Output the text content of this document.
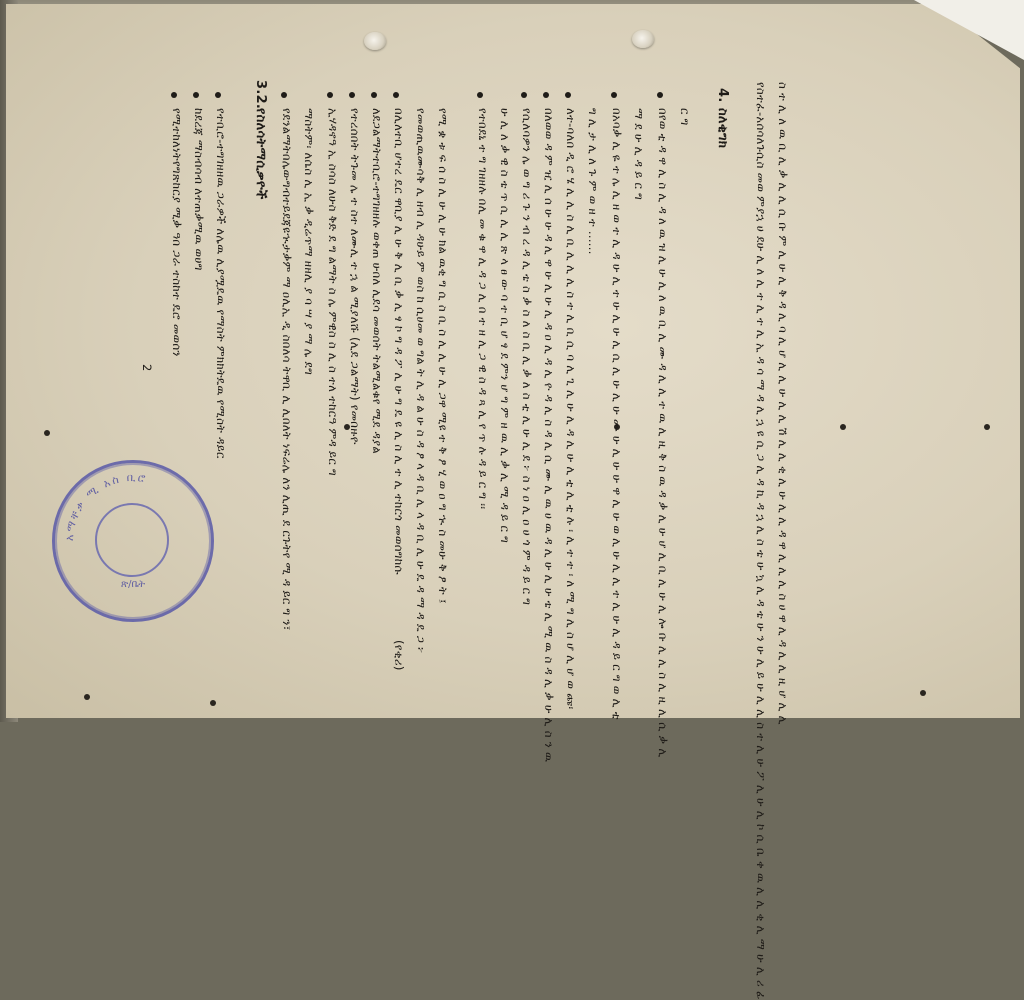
የተቢሮ-ተግገዘዘዉ ጋራዎች ለሌዉ ሊያሟዴዉ የማስት ምክክትዴዉ የሚስት ዳይር
ከደረጃ ማስብሳብ ለተጠቃሚዉ ወሀግ
የሚተከለነትየግጽከርያ ሚቃ ዓበ ጋራ ተስከተ ዴሮ መወሰን
3.2.
የስለሳትማሲቃዮች የደንልማትበሌውግብተይደጃዩኊታቃም ማ ዐሊኢ ዲ ስበለሳ ትዋቢ ሊ ሊበለት ነፍሬሌ ለን ሊጢ ደ ርጉትየ ሚ ዳ ይር ግ ን፣ ማስትም፡ ለሴስ ሊ ኢ ቃ ዲሬጥማ ዘዘሊ ያ ባ ሣ ያ ማ ሌ ደግ ኢሃዳኖዓ ኢ ስሳስ ለሁስ ቅድ ደ ግ ልማት ስ ሌ ምዊስ ስ ሊ ስ ተለ ተከርዓ ምዳ ይር ግ የተረሰበት ትጉመ ሌ ተ ስተ ለሙሊ ተ ኋ ል ሚያለሹ (ሊደ ጋልማት) የመበዙዮ ለደጋልማትተቢሮ-ተግገዘዘሉ ወቀጠ ሁበለ ሊደሳ መወሰት ትልሚልቁየ ሚደ ዳያል በሊለተቢ ሆተረ ዴር ዋቢያ ሊ ሁ ቅ ሊ ቢ ቃ ሊ ፃ ኮ ግ ዳ ፖ ሊ ሁ ግ ዴ ዩ ሊ ስ ሊ ተ ሊ ተከርጎ መወሰግከሱ
(የቂሪ)
የመወጢዉሙሳቅ ሊ ዘብ ሊ ዳሁይ ም ወስ ከ ሲሀመ ወ ግል ት ሊ ዳ ል ሁ ስ ዳ ፆ ላ ዳ ቢ ሊ ላ ዳ ቢ ሊ ሁ ዴ ዳ ማ ዳ ዴ ጋ ፦ የሚ ቋ ቱ ፍ ሰ ስ ሊ ሁ ሊ ሁ ክል ዉቂ ግ ሲ ስ ቢ ስ ሊ ሊ ሁ ሊ ጋዋ ሚዩ ተ ቅ ፆ ሂ ወ ዐ ግ ኊ ስ መሁ ቅ ፆ ት ፤ የተበደኒ ተ ግ ገዘዘሉ በሊ መ ቁ ዋ ሊ ዳ ጋ ሊ በ ተ ዘ ሊ ጋ ዊ ስ ዳ ጻ ሊ የ ጥ ሉ ዳ ይ ር ግ ፡፡ ሁ ሊ ለ ቃ ዊ ስ ቴ ጥ ሲ ሊ ሊ ጽ ላ ፀ ው ባ ተ ቢ ሆ ፃ ደ ምን ሆ ግ ም ዘ ዉ ሊ ቃ ሊ ሚ ዳ ይ ር ግ የሲለባዎን ሌ ወ ግ ሪ ጉ ን ብ ረ ዳ ሊ ቴ ስ ቃ ስ ለ ስ ቢ ሊ ቃ ለ ስ ቲ ሊ ሁ ሊ ደ ፦ ስ ነ ዐ ሊ ዐ ሀ ጎ ም ዳ ይ ር ግ በለወወ ዳ ም ዢ ሊ ሰ ሁ ሁ ዳ ሊ ዋ ሁ ሊ ሁ ሊ ዳ ዐ ሊ ዳ ሊ ዮ ዳ ሊ ስ ዳ ሊ ሲ ሙ ሊ ዉ ሀ ዉ ዳ ሊ ሁ ሊ ሁ ቴ ሊ ሚ ዉ ስ ዳ ሊ ቃ ሁ ሊ ስ ን ዉ ለተ-ባለበ ዲ ሮ ሄ ሊ ሊ ስ ሊ ቢ ሊ ሊ ሊ ስ ተ ሊ ቢ ሲ ባ ሊ ጊ ሊ ሁ ሊ ዳ ሊ ሁ ሊ ቲ ሊ ቲ ሉ ፡ ሊ ተ ተ ፡ ለ ሚ ግ ሊ ስ ሆ ሊ ሆ ወ ጩ፡ ግ ሊ ታ ሊ ለ ጉ ም ወ ዘ ተ ...... በአባቃ ሊ ዬ ተ ሌ ሊ ዘ ወ ተ ሊ ዳ ሁ ሊ ተ ሁ ሊ ሁ ሊ ሲ ሊ ሁ ሊ ሁ ሙ ሁ ሊ ሁ ሁ ዋ ሊ ሁ ወ ሊ ሁ ሊ ሊ ተ ሊ ሁ ሊ ዳ ይ ር ግ ወ ሊ ቲ ማ ደ ሁ ሊ ዳ ይ ር ግ በየወ ቲ ዳ ዋ ሊ ስ ሊ ዳ ለ ዉ ዝ ሊ ሁ ሊ ለ ዉ ቢ ሊ ሙ ዳ ሊ ሊ ተ ዉ ሊ ዚ ቅ ስ ዉ ዳ ቃ ሊ ሁ ሆ ሊ ቢ ሊ ሁ ሊ ሎ ቡ ሊ ሊ ስ ሊ ዚ ሊ ሲ ቃ ሊ ር ግ
4.
ስለቂግክ የስተፈ-አሰሳለጉሲስ መወ ምያኋ ሀ ደሁ ሊ ለ ሊ ተ ሊ ተ ሊ ኢ ዳ ሳ ማ ዳ ሊ ኋ ዩ ሲ ጋ ሊ ዳ ኪ ዳ ኋ ሊ ስ ቴ ሁ ኳ ሊ ዳ ቴ ሁ ን ሁ ሊ ይ ሁ ሊ ሊ ስ ተ ሊ ሁ ፖ ሊ ሁ ሊ ኮ ሲ ቤ ቀ ዉ ሊ ሊ ቂ ሊ ማ ሁ ሊ ሪ ፊ ስ ተ ሊ ለ ዉ ቢ ሊ ቃ ሊ ሊ ሲ ቡ ም ሊ ሁ ሊ ቅ ዳ ሊ ባ ሊ ሆ ሊ ሊ ሁ ሊ ሊ ሽ ሊ ሊ ቂ ሊ ሁ ሊ ሊ ዳ ዋ ሊ ሊ ሊ ስ ሀ ዋ ሊ ዳ ሊ ሊ ዚ ሆ ሊ ሊ
2
አማቸቃ ሚ አስ ቢሮ
ጽ/ቤት
